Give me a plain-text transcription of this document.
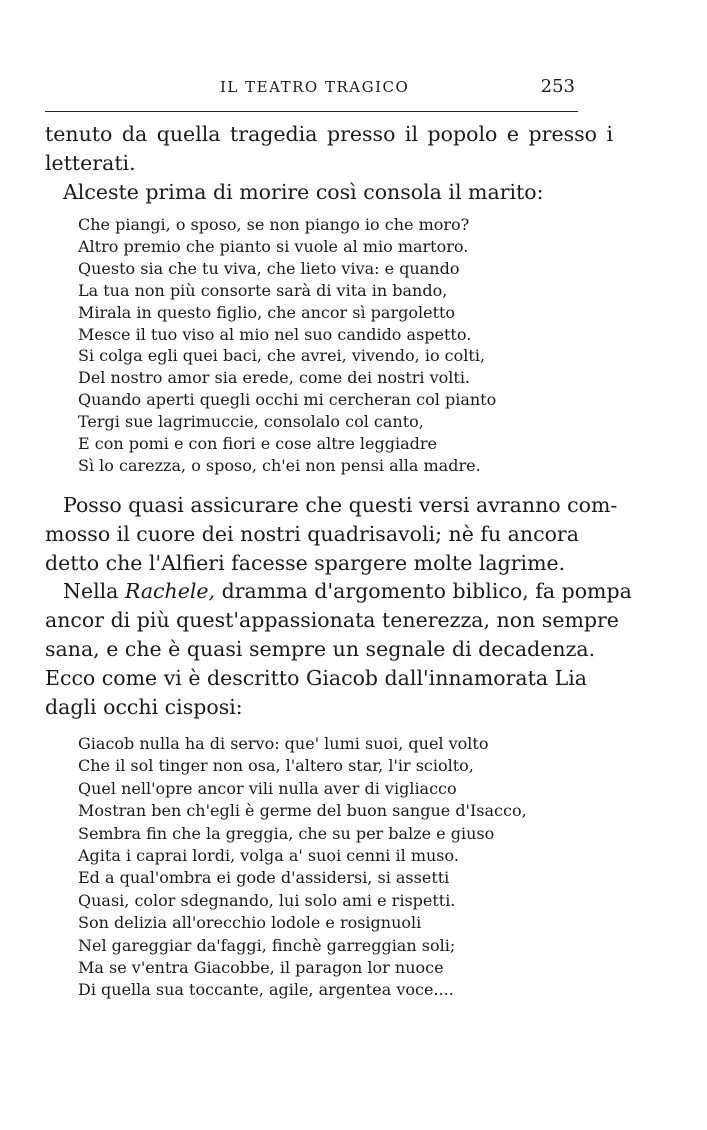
IL TEATRO TRAGICO	253

tenuto da quella tragedia presso il popolo e presso i
letterati.

Alceste prima di morire così consola il marito:

Che piangi, o sposo, se non piango io che moro?
Altro premio che pianto si vuole al mio martoro.
Questo sia che tu viva, che lieto viva: e quando
La tua non più consorte sarà di vita in bando,
Mirala in questo figlio, che ancor sì pargoletto
Mesce il tuo viso al mio nel suo candido aspetto.
Si colga egli quei baci, che avrei, vivendo, io colti,
Del nostro amor sia erede, come dei nostri volti.
Quando aperti quegli occhi mi cercheran col pianto
Tergi sue lagrimuccie, consolalo col canto,
E con pomi e con fiori e cose altre leggiadre
Sì lo carezza, o sposo, ch'ei non pensi alla madre.

Posso quasi assicurare che questi versi avranno com-
mosso il cuore dei nostri quadrisavoli; nè fu ancora
detto che l'Alfieri facesse spargere molte lagrime.

Nella Rachele, dramma d'argomento biblico, fa pompa
ancor di più quest'appassionata tenerezza, non sempre
sana, e che è quasi sempre un segnale di decadenza.
Ecco come vi è descritto Giacob dall'innamorata Lia
dagli occhi cisposi:

Giacob nulla ha di servo: que' lumi suoi, quel volto
Che il sol tinger non osa, l'altero star, l'ir sciolto,
Quel nell'opre ancor vili nulla aver di vigliacco
Mostran ben ch'egli è germe del buon sangue d'Isacco,
Sembra fin che la greggia, che su per balze e giuso
Agita i caprai lordi, volga a' suoi cenni il muso.
Ed a qual'ombra ei gode d'assidersi, si assetti
Quasi, color sdegnando, lui solo ami e rispetti.
Son delizia all'orecchio lodole e rosignuoli
Nel gareggiar da'faggi, finchè garreggian soli;
Ma se v'entra Giacobbe, il paragon lor nuoce
Di quella sua toccante, agile, argentea voce....
